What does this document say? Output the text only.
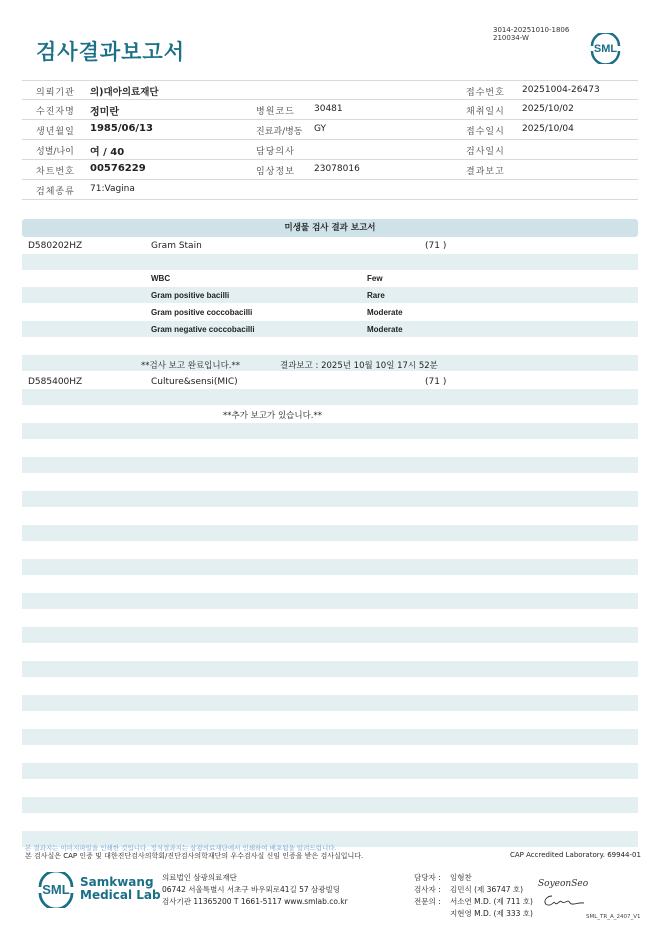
검사결과보고서
3014-20251010-1806
210034-W
SML
의뢰기관 의)대아의료재단	접수번호 20251004-26473
수진자명 정미란	병원코드 30481	채취일시 2025/10/02
생년월일 1985/06/13	진료과/병동 GY	접수일시 2025/10/04
성별/나이 여 / 40	담당의사	검사일시
차트번호 00576229	임상정보 23078016	결과보고
검체종류 71:Vagina
미생물 검사 결과 보고서
D580202HZ	Gram Stain	(71 )
WBC	Few
Gram positive bacilli	Rare
Gram positive coccobacilli	Moderate
Gram negative coccobacilli	Moderate
**검사 보고 완료입니다.**	결과보고 : 2025년 10월 10일 17시 52분
D585400HZ	Culture&sensi(MIC)	(71 )
**추가 보고가 있습니다.**
본 결과지는 이미지파일을 인쇄한 것입니다. 정식결과지는 삼광의료재단에서 인쇄하여 배포됨을 알려드립니다.
본 검사실은 CAP 인증 및 대한진단검사의학회/진단검사의학재단의 우수검사실 신임 인증을 받은 검사실입니다.	CAP Accredited Laboratory. 69944-01
SML Samkwang
Medical Lab
의료법인 삼광의료재단
06742 서울특별시 서초구 바우뫼로41길 57 삼광빌딩
검사기관 11365200 T 1661-5117 www.smlab.co.kr
담당자 : 임형찬
검사자 : 김민식 (제 36747 호)
전문의 : 서소연 M.D. (제 711 호)
지현영 M.D. (제 333 호)
SoyeonSeo
SML_TR_A_2407_V1
